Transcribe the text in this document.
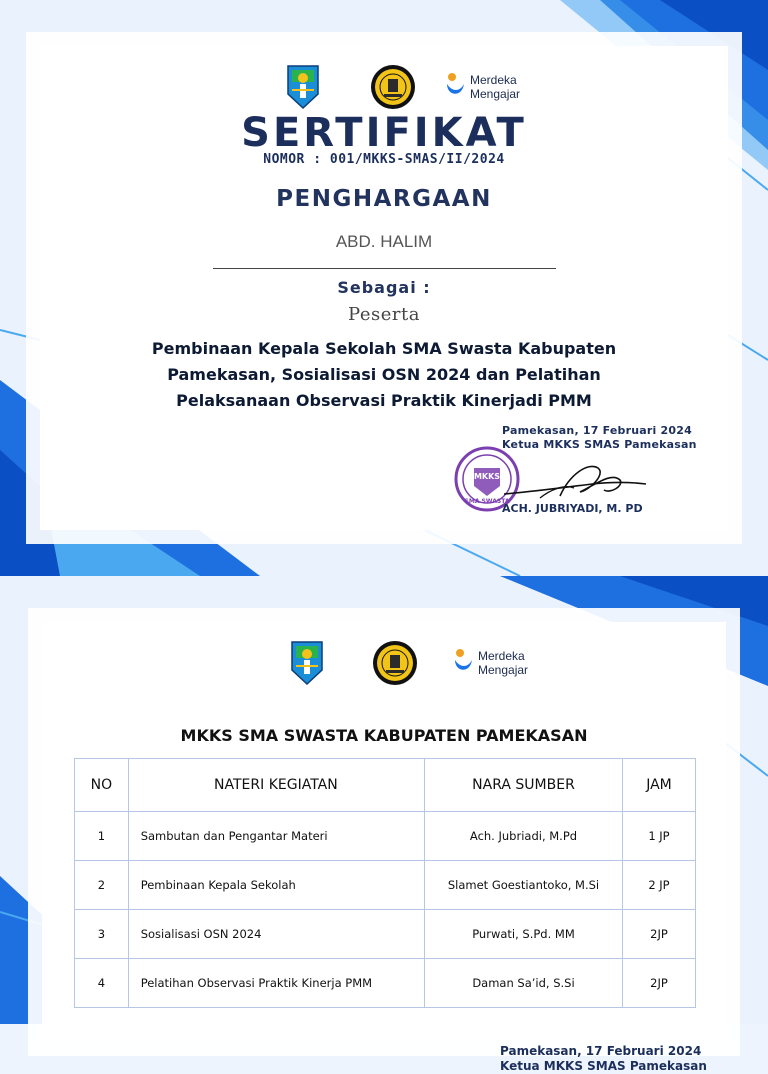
Merdeka
Mengajar
SERTIFIKAT
NOMOR : 001/MKKS-SMAS/II/2024
PENGHARGAAN
ABD. HALIM
Sebagai :
Peserta
Pembinaan Kepala Sekolah SMA Swasta Kabupaten Pamekasan, Sosialisasi OSN 2024 dan Pelatihan Pelaksanaan Observasi Praktik Kinerjadi PMM
Pamekasan, 17 Februari 2024
Ketua MKKS SMAS Pamekasan
MKKS
SMA SWASTA
ACH. JUBRIYADI, M. PD
Merdeka
Mengajar
MKKS SMA SWASTA KABUPATEN PAMEKASAN
NO	NATERI KEGIATAN	NARA SUMBER	JAM
1	Sambutan dan Pengantar Materi	Ach. Jubriadi, M.Pd	1 JP
2	Pembinaan Kepala Sekolah	Slamet Goestiantoko, M.Si	2 JP
3	Sosialisasi OSN 2024	Purwati, S.Pd. MM	2JP
4	Pelatihan Observasi Praktik Kinerja PMM	Daman Sa’id, S.Si	2JP
Pamekasan, 17 Februari 2024
Ketua MKKS SMAS Pamekasan
